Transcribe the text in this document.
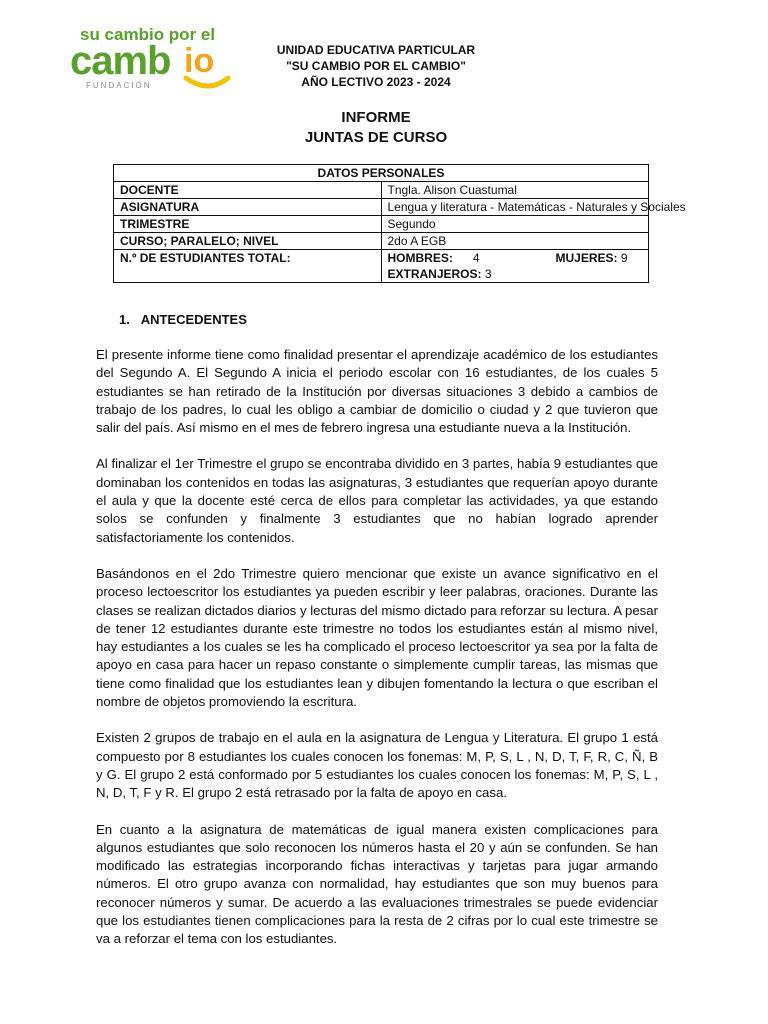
su cambio por el
camb io
FUNDACIÓN
UNIDAD EDUCATIVA PARTICULAR
"SU CAMBIO POR EL CAMBIO"
AÑO LECTIVO 2023 - 2024
INFORME
JUNTAS DE CURSO
DATOS PERSONALES	
DOCENTE	Tngla. Alison Cuastumal
ASIGNATURA	Lengua y literatura - Matemáticas - Naturales y Sociales
TRIMESTRE	Segundo
CURSO; PARALELO; NIVEL	2do A EGB
N.º DE ESTUDIANTES TOTAL:	HOMBRES: 4 MUJERES: 9
EXTRANJEROS: 3
1. ANTECEDENTES

El presente informe tiene como finalidad presentar el aprendizaje académico de los estudiantes del Segundo A. El Segundo A inicia el periodo escolar con 16 estudiantes, de los cuales 5 estudiantes se han retirado de la Institución por diversas situaciones 3 debido a cambios de trabajo de los padres, lo cual les obligo a cambiar de domicilio o ciudad y 2 que tuvieron que salir del país. Así mismo en el mes de febrero ingresa una estudiante nueva a la Institución.

Al finalizar el 1er Trimestre el grupo se encontraba dividido en 3 partes, había 9 estudiantes que dominaban los contenidos en todas las asignaturas, 3 estudiantes que requerían apoyo durante el aula y que la docente esté cerca de ellos para completar las actividades, ya que estando solos se confunden y finalmente 3 estudiantes que no habían logrado aprender satisfactoriamente los contenidos.

Basándonos en el 2do Trimestre quiero mencionar que existe un avance significativo en el proceso lectoescritor los estudiantes ya pueden escribir y leer palabras, oraciones. Durante las clases se realizan dictados diarios y lecturas del mismo dictado para reforzar su lectura. A pesar de tener 12 estudiantes durante este trimestre no todos los estudiantes están al mismo nivel, hay estudiantes a los cuales se les ha complicado el proceso lectoescritor ya sea por la falta de apoyo en casa para hacer un repaso constante o simplemente cumplir tareas, las mismas que tiene como finalidad que los estudiantes lean y dibujen fomentando la lectura o que escriban el nombre de objetos promoviendo la escritura.

Existen 2 grupos de trabajo en el aula en la asignatura de Lengua y Literatura. El grupo 1 está compuesto por 8 estudiantes los cuales conocen los fonemas: M, P, S, L , N, D, T, F, R, C, Ñ, B y G. El grupo 2 está conformado por 5 estudiantes los cuales conocen los fonemas: M, P, S, L , N, D, T, F y R. El grupo 2 está retrasado por la falta de apoyo en casa.

En cuanto a la asignatura de matemáticas de igual manera existen complicaciones para algunos estudiantes que solo reconocen los números hasta el 20 y aún se confunden. Se han modificado las estrategias incorporando fichas interactivas y tarjetas para jugar armando números. El otro grupo avanza con normalidad, hay estudiantes que son muy buenos para reconocer números y sumar. De acuerdo a las evaluaciones trimestrales se puede evidenciar que los estudiantes tienen complicaciones para la resta de 2 cifras por lo cual este trimestre se va a reforzar el tema con los estudiantes.
